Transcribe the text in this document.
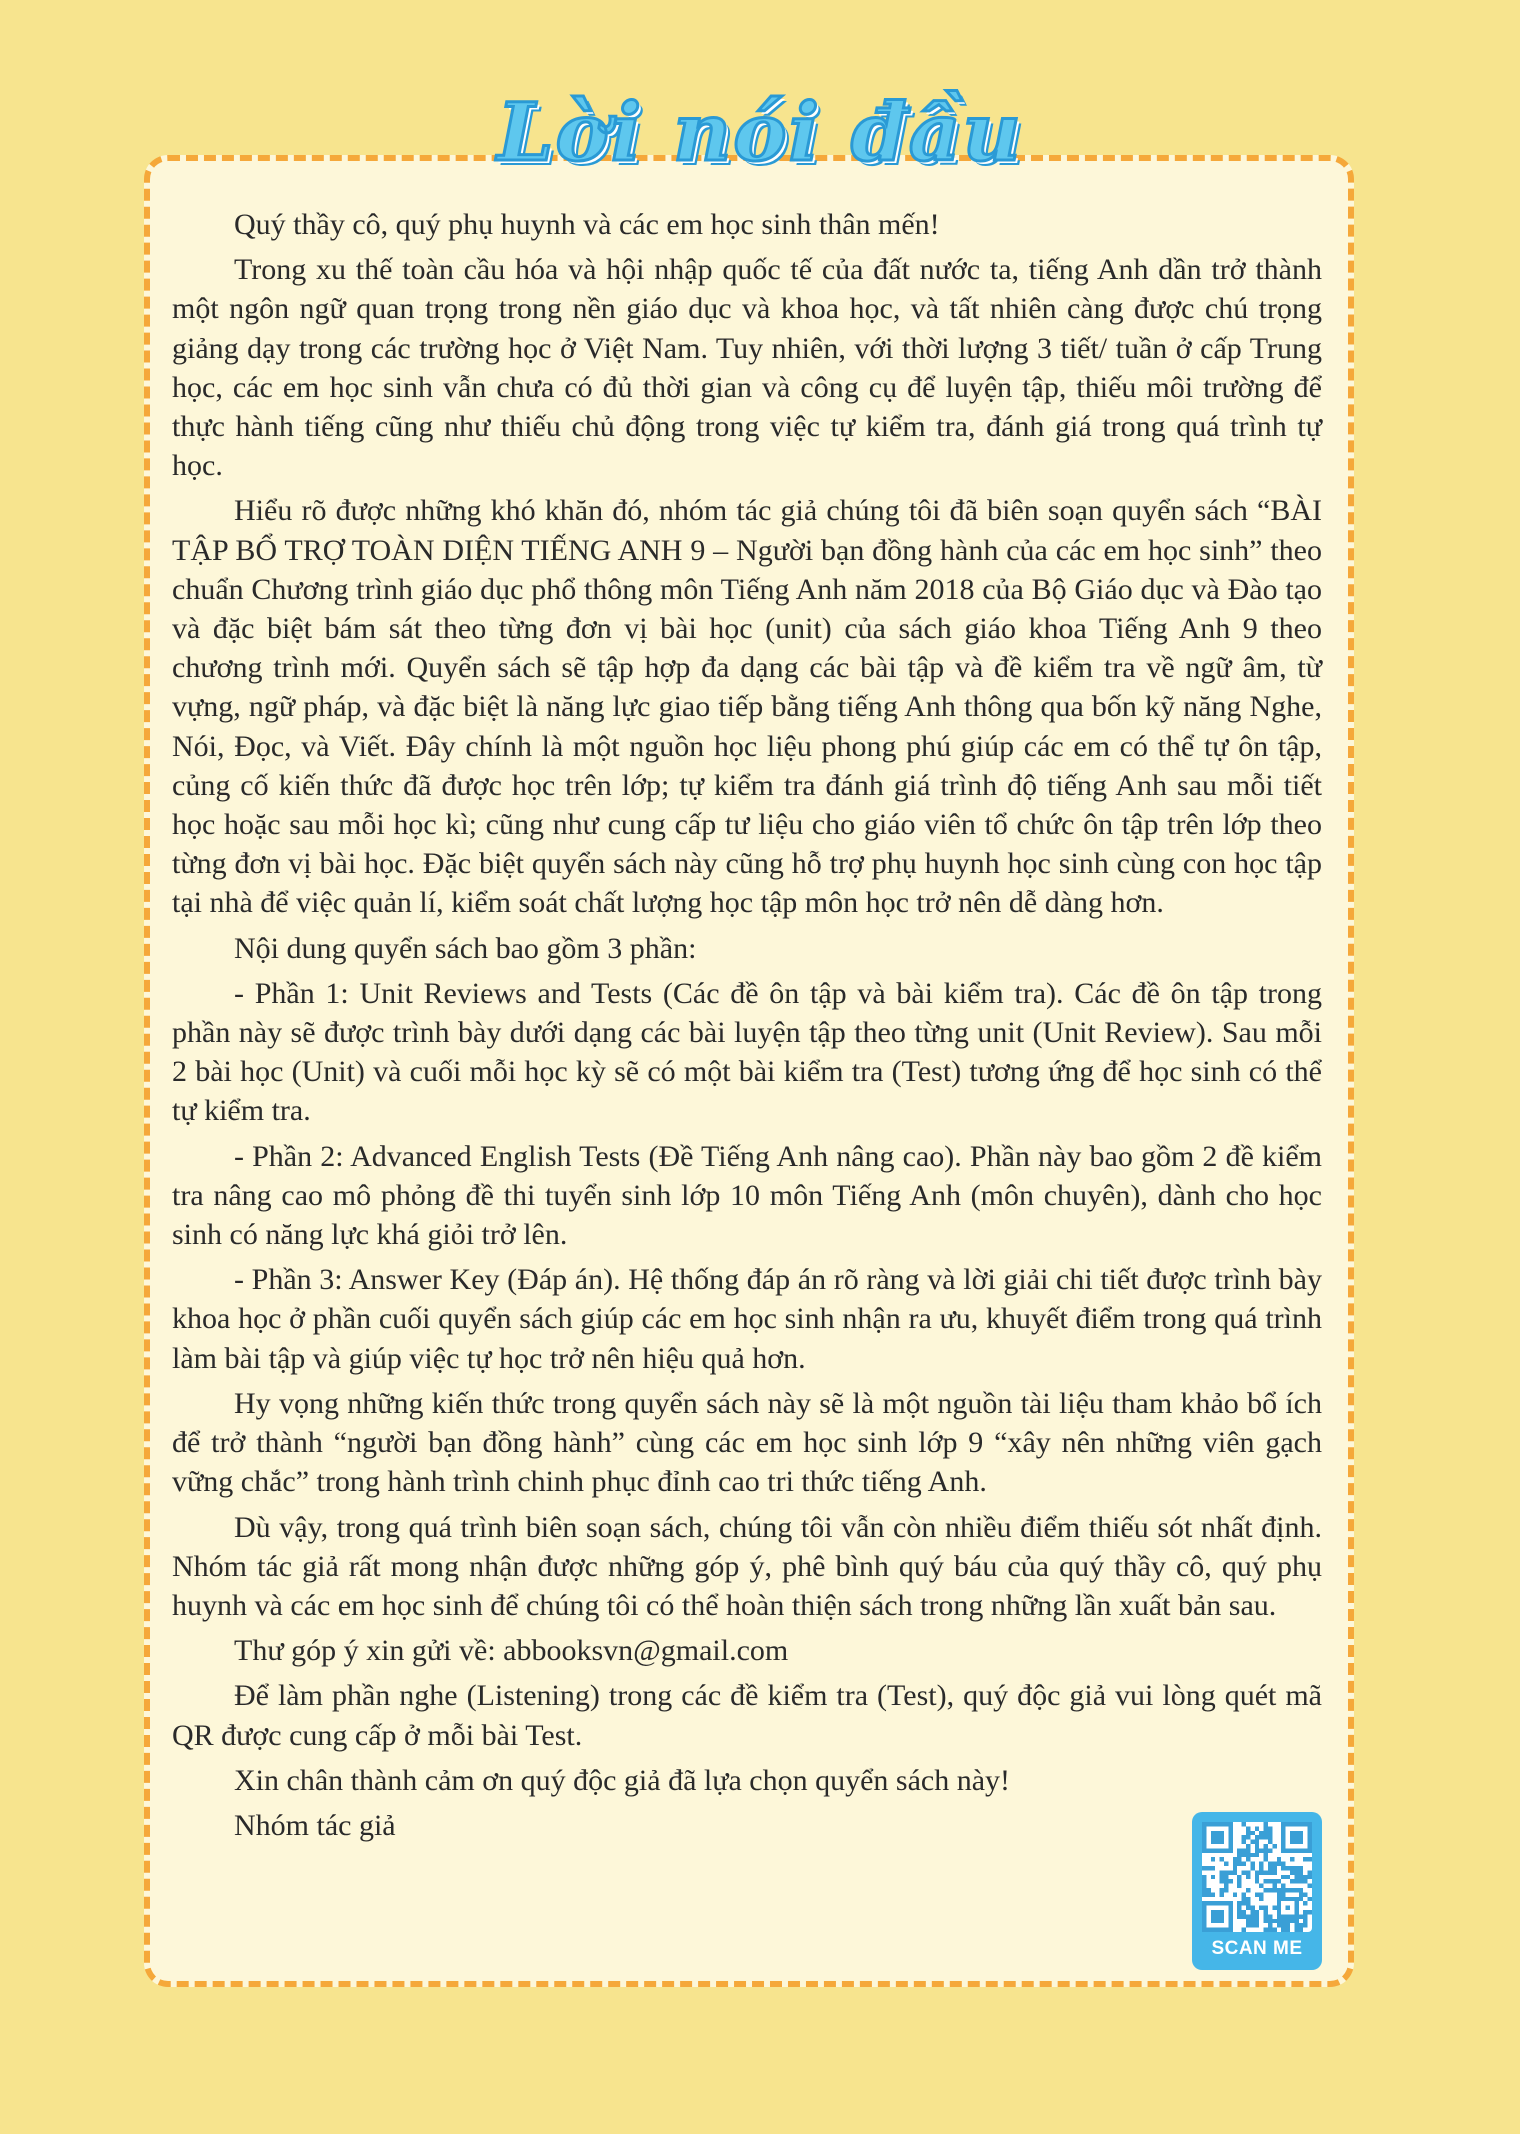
Lời nói đầu

Quý thầy cô, quý phụ huynh và các em học sinh thân mến!

Trong xu thế toàn cầu hóa và hội nhập quốc tế của đất nước ta, tiếng Anh dần trở thành một ngôn ngữ quan trọng trong nền giáo dục và khoa học, và tất nhiên càng được chú trọng giảng dạy trong các trường học ở Việt Nam. Tuy nhiên, với thời lượng 3 tiết/ tuần ở cấp Trung học, các em học sinh vẫn chưa có đủ thời gian và công cụ để luyện tập, thiếu môi trường để thực hành tiếng cũng như thiếu chủ động trong việc tự kiểm tra, đánh giá trong quá trình tự học.

Hiểu rõ được những khó khăn đó, nhóm tác giả chúng tôi đã biên soạn quyển sách “BÀI TẬP BỔ TRỢ TOÀN DIỆN TIẾNG ANH 9 – Người bạn đồng hành của các em học sinh” theo chuẩn Chương trình giáo dục phổ thông môn Tiếng Anh năm 2018 của Bộ Giáo dục và Đào tạo và đặc biệt bám sát theo từng đơn vị bài học (unit) của sách giáo khoa Tiếng Anh 9 theo chương trình mới. Quyển sách sẽ tập hợp đa dạng các bài tập và đề kiểm tra về ngữ âm, từ vựng, ngữ pháp, và đặc biệt là năng lực giao tiếp bằng tiếng Anh thông qua bốn kỹ năng Nghe, Nói, Đọc, và Viết. Đây chính là một nguồn học liệu phong phú giúp các em có thể tự ôn tập, củng cố kiến thức đã được học trên lớp; tự kiểm tra đánh giá trình độ tiếng Anh sau mỗi tiết học hoặc sau mỗi học kì; cũng như cung cấp tư liệu cho giáo viên tổ chức ôn tập trên lớp theo từng đơn vị bài học. Đặc biệt quyển sách này cũng hỗ trợ phụ huynh học sinh cùng con học tập tại nhà để việc quản lí, kiểm soát chất lượng học tập môn học trở nên dễ dàng hơn.

Nội dung quyển sách bao gồm 3 phần:

- Phần 1: Unit Reviews and Tests (Các đề ôn tập và bài kiểm tra). Các đề ôn tập trong phần này sẽ được trình bày dưới dạng các bài luyện tập theo từng unit (Unit Review). Sau mỗi 2 bài học (Unit) và cuối mỗi học kỳ sẽ có một bài kiểm tra (Test) tương ứng để học sinh có thể tự kiểm tra.

- Phần 2: Advanced English Tests (Đề Tiếng Anh nâng cao). Phần này bao gồm 2 đề kiểm tra nâng cao mô phỏng đề thi tuyển sinh lớp 10 môn Tiếng Anh (môn chuyên), dành cho học sinh có năng lực khá giỏi trở lên.

- Phần 3: Answer Key (Đáp án). Hệ thống đáp án rõ ràng và lời giải chi tiết được trình bày khoa học ở phần cuối quyển sách giúp các em học sinh nhận ra ưu, khuyết điểm trong quá trình làm bài tập và giúp việc tự học trở nên hiệu quả hơn.

Hy vọng những kiến thức trong quyển sách này sẽ là một nguồn tài liệu tham khảo bổ ích để trở thành “người bạn đồng hành” cùng các em học sinh lớp 9 “xây nên những viên gạch vững chắc” trong hành trình chinh phục đỉnh cao tri thức tiếng Anh.

Dù vậy, trong quá trình biên soạn sách, chúng tôi vẫn còn nhiều điểm thiếu sót nhất định. Nhóm tác giả rất mong nhận được những góp ý, phê bình quý báu của quý thầy cô, quý phụ huynh và các em học sinh để chúng tôi có thể hoàn thiện sách trong những lần xuất bản sau.

Thư góp ý xin gửi về: abbooksvn@gmail.com

Để làm phần nghe (Listening) trong các đề kiểm tra (Test), quý độc giả vui lòng quét mã QR được cung cấp ở mỗi bài Test.

Xin chân thành cảm ơn quý độc giả đã lựa chọn quyển sách này!

Nhóm tác giả

SCAN ME
